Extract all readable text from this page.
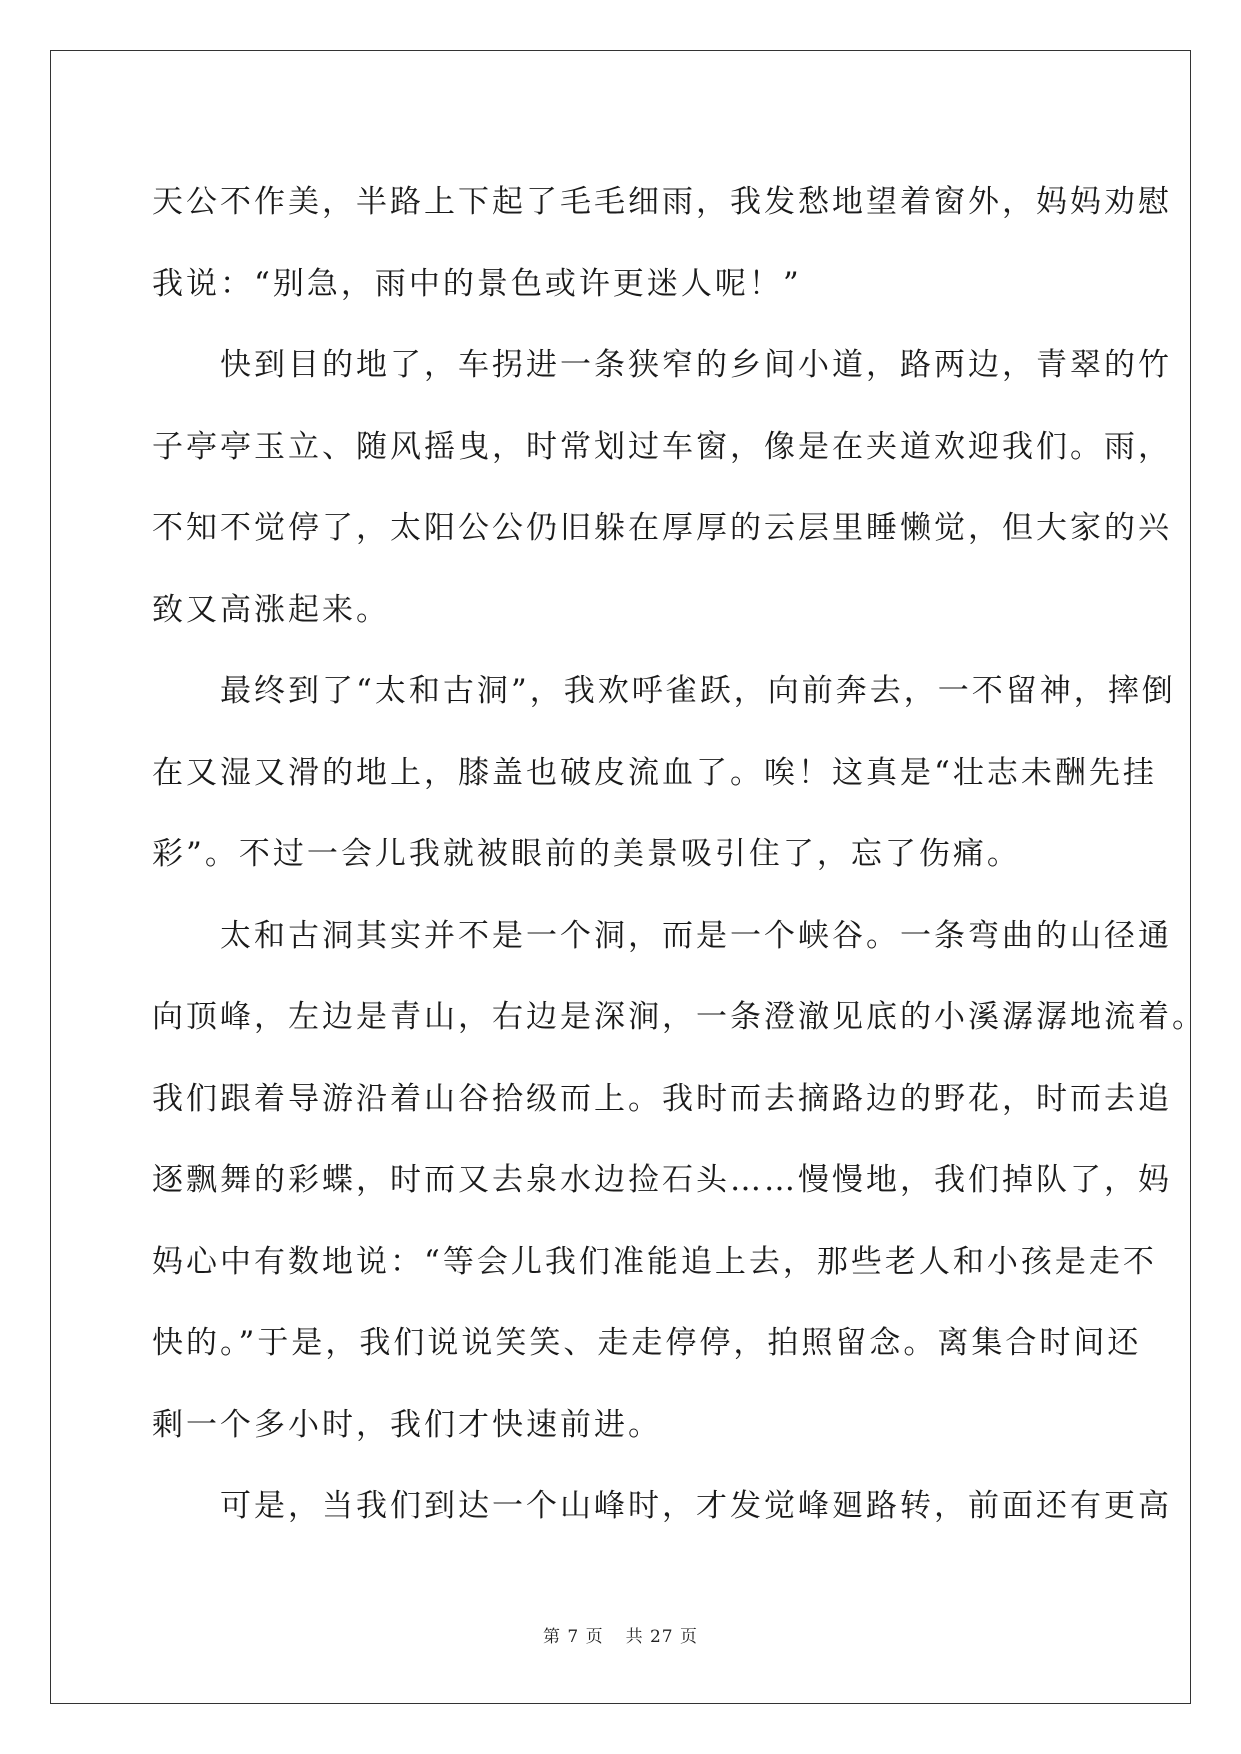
天公不作美，半路上下起了毛毛细雨，我发愁地望着窗外，妈妈劝慰
我说：“别急，雨中的景色或许更迷人呢！”
　　快到目的地了，车拐进一条狭窄的乡间小道，路两边，青翠的竹
子亭亭玉立、随风摇曳，时常划过车窗，像是在夹道欢迎我们。雨，
不知不觉停了，太阳公公仍旧躲在厚厚的云层里睡懒觉，但大家的兴
致又高涨起来。
　　最终到了“太和古洞”，我欢呼雀跃，向前奔去，一不留神，摔倒
在又湿又滑的地上，膝盖也破皮流血了。唉！这真是“壮志未酬先挂
彩”。不过一会儿我就被眼前的美景吸引住了，忘了伤痛。
　　太和古洞其实并不是一个洞，而是一个峡谷。一条弯曲的山径通
向顶峰，左边是青山，右边是深涧，一条澄澈见底的小溪潺潺地流着。
我们跟着导游沿着山谷拾级而上。我时而去摘路边的野花，时而去追
逐飘舞的彩蝶，时而又去泉水边捡石头……慢慢地，我们掉队了，妈
妈心中有数地说：“等会儿我们准能追上去，那些老人和小孩是走不
快的。”于是，我们说说笑笑、走走停停，拍照留念。离集合时间还
剩一个多小时，我们才快速前进。
　　可是，当我们到达一个山峰时，才发觉峰廻路转，前面还有更高
第 7 页 共 27 页
